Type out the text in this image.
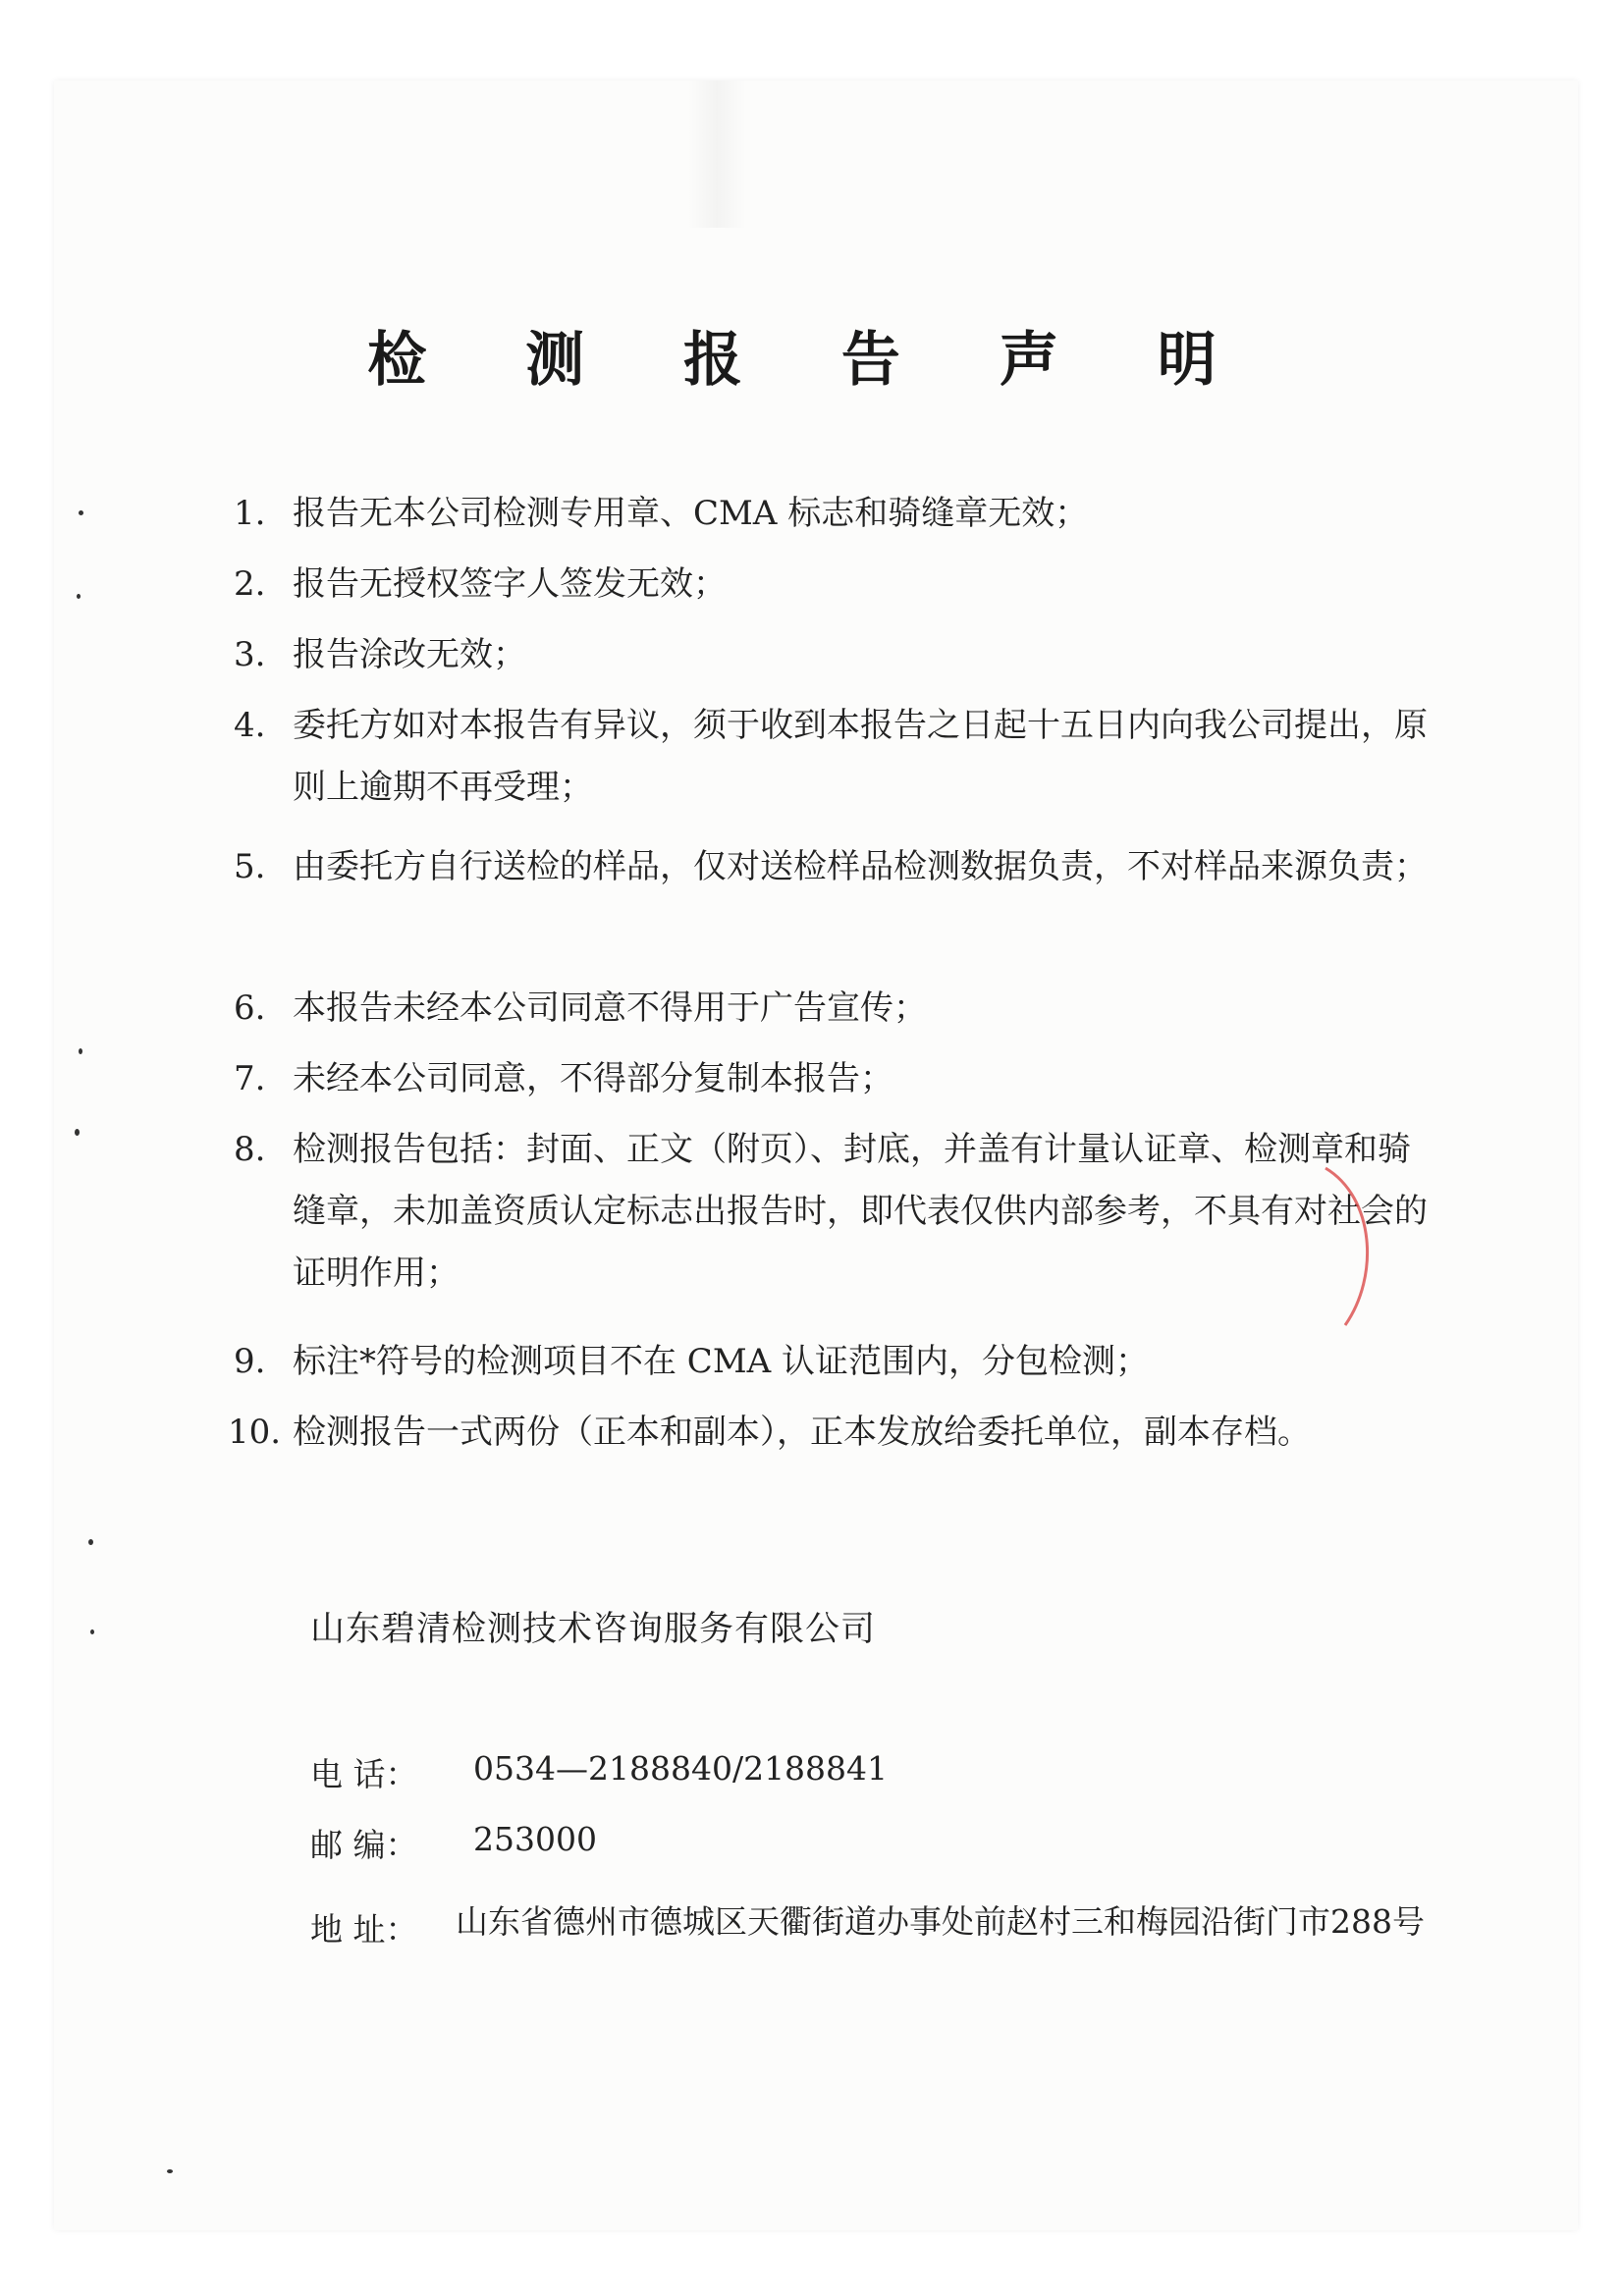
检 测 报 告 声 明
1. 报告无本公司检测专用章、CMA 标志和骑缝章无效；
2. 报告无授权签字人签发无效；
3. 报告涂改无效；
4. 委托方如对本报告有异议，须于收到本报告之日起十五日内向我公司提出，原则上逾期不再受理；
5. 由委托方自行送检的样品，仅对送检样品检测数据负责，不对样品来源负责；
6. 本报告未经本公司同意不得用于广告宣传；
7. 未经本公司同意，不得部分复制本报告；
8. 检测报告包括：封面、正文（附页）、封底，并盖有计量认证章、检测章和骑缝章，未加盖资质认定标志出报告时，即代表仅供内部参考，不具有对社会的证明作用；
9. 标注*符号的检测项目不在 CMA 认证范围内，分包检测；
10. 检测报告一式两份（正本和副本），正本发放给委托单位，副本存档。
山东碧清检测技术咨询服务有限公司
电 话：	0534—2188840/2188841
邮 编：	253000
地 址：	山东省德州市德城区天衢街道办事处前赵村三和梅园沿街门市288号
